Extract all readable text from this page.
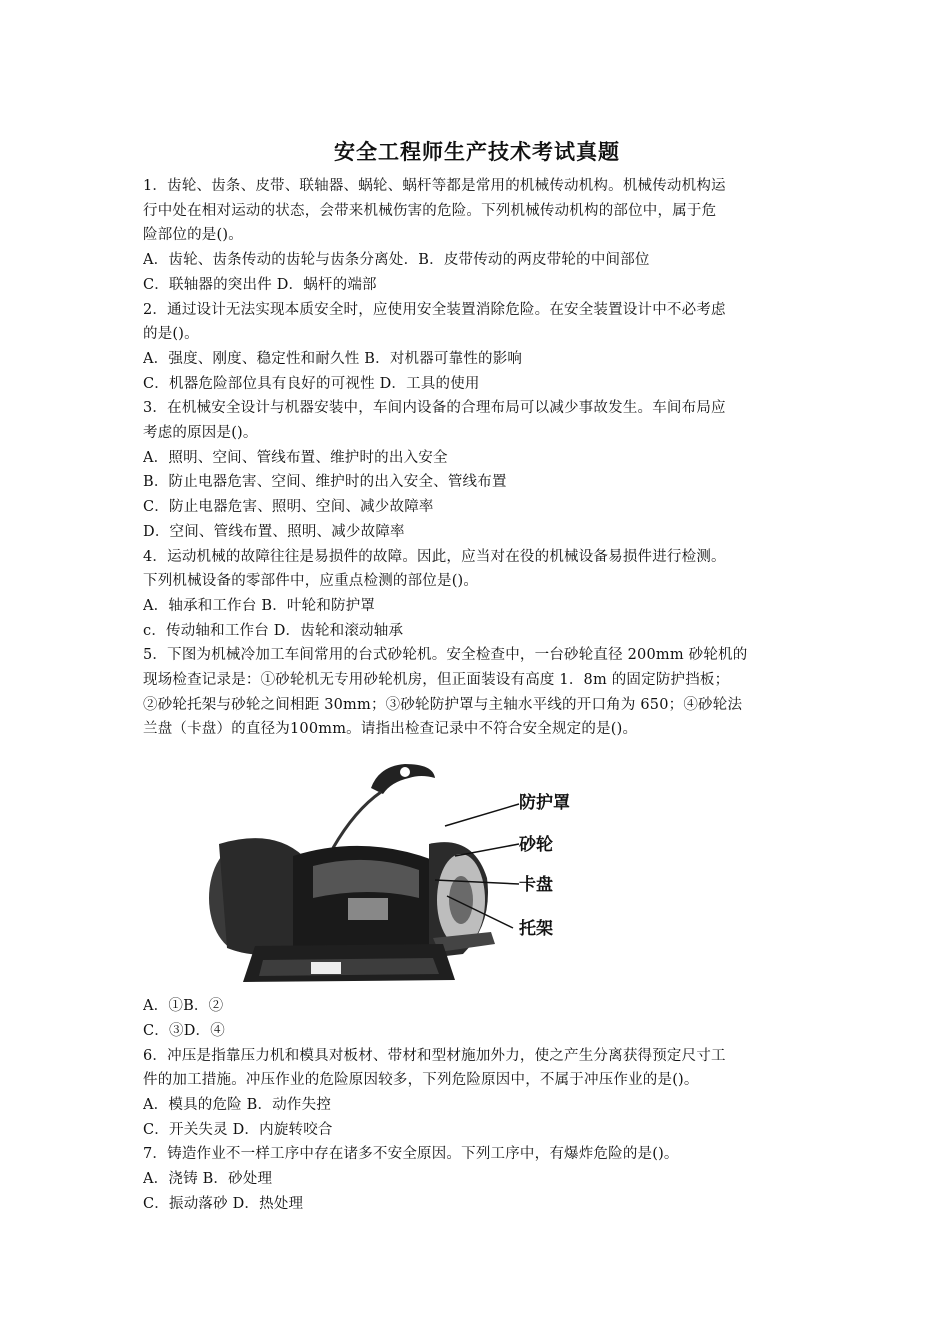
安全工程师生产技术考试真题
1．齿轮、齿条、皮带、联轴器、蜗轮、蜗杆等都是常用的机械传动机构。机械传动机构运
行中处在相对运动的状态，会带来机械伤害的危险。下列机械传动机构的部位中，属于危
险部位的是()。
A．齿轮、齿条传动的齿轮与齿条分离处．B．皮带传动的两皮带轮的中间部位
C．联轴器的突出件 D．蜗杆的端部
2．通过设计无法实现本质安全时，应使用安全装置消除危险。在安全装置设计中不必考虑
的是()。
A．强度、刚度、稳定性和耐久性 B．对机器可靠性的影响
C．机器危险部位具有良好的可视性 D．工具的使用
3．在机械安全设计与机器安装中，车间内设备的合理布局可以减少事故发生。车间布局应
考虑的原因是()。
A．照明、空间、管线布置、维护时的出入安全
B．防止电器危害、空间、维护时的出入安全、管线布置
C．防止电器危害、照明、空间、减少故障率
D．空间、管线布置、照明、减少故障率
4．运动机械的故障往往是易损件的故障。因此，应当对在役的机械设备易损件进行检测。
下列机械设备的零部件中，应重点检测的部位是()。
A．轴承和工作台 B．叶轮和防护罩
c．传动轴和工作台 D．齿轮和滚动轴承
5．下图为机械冷加工车间常用的台式砂轮机。安全检查中，一台砂轮直径 200mm 砂轮机的
现场检查记录是：①砂轮机无专用砂轮机房，但正面装设有高度 1．8m 的固定防护挡板；
②砂轮托架与砂轮之间相距 30mm；③砂轮防护罩与主轴水平线的开口角为 650；④砂轮法
兰盘（卡盘）的直径为100mm。请指出检查记录中不符合安全规定的是()。
防护罩
砂轮
卡盘
托架
A．①B．②
C．③D．④
6．冲压是指靠压力机和模具对板材、带材和型材施加外力，使之产生分离获得预定尺寸工
件的加工措施。冲压作业的危险原因较多，下列危险原因中，不属于冲压作业的是()。
A．模具的危险 B．动作失控
C．开关失灵 D．内旋转咬合
7．铸造作业不一样工序中存在诸多不安全原因。下列工序中，有爆炸危险的是()。
A．浇铸 B．砂处理
C．振动落砂 D．热处理
